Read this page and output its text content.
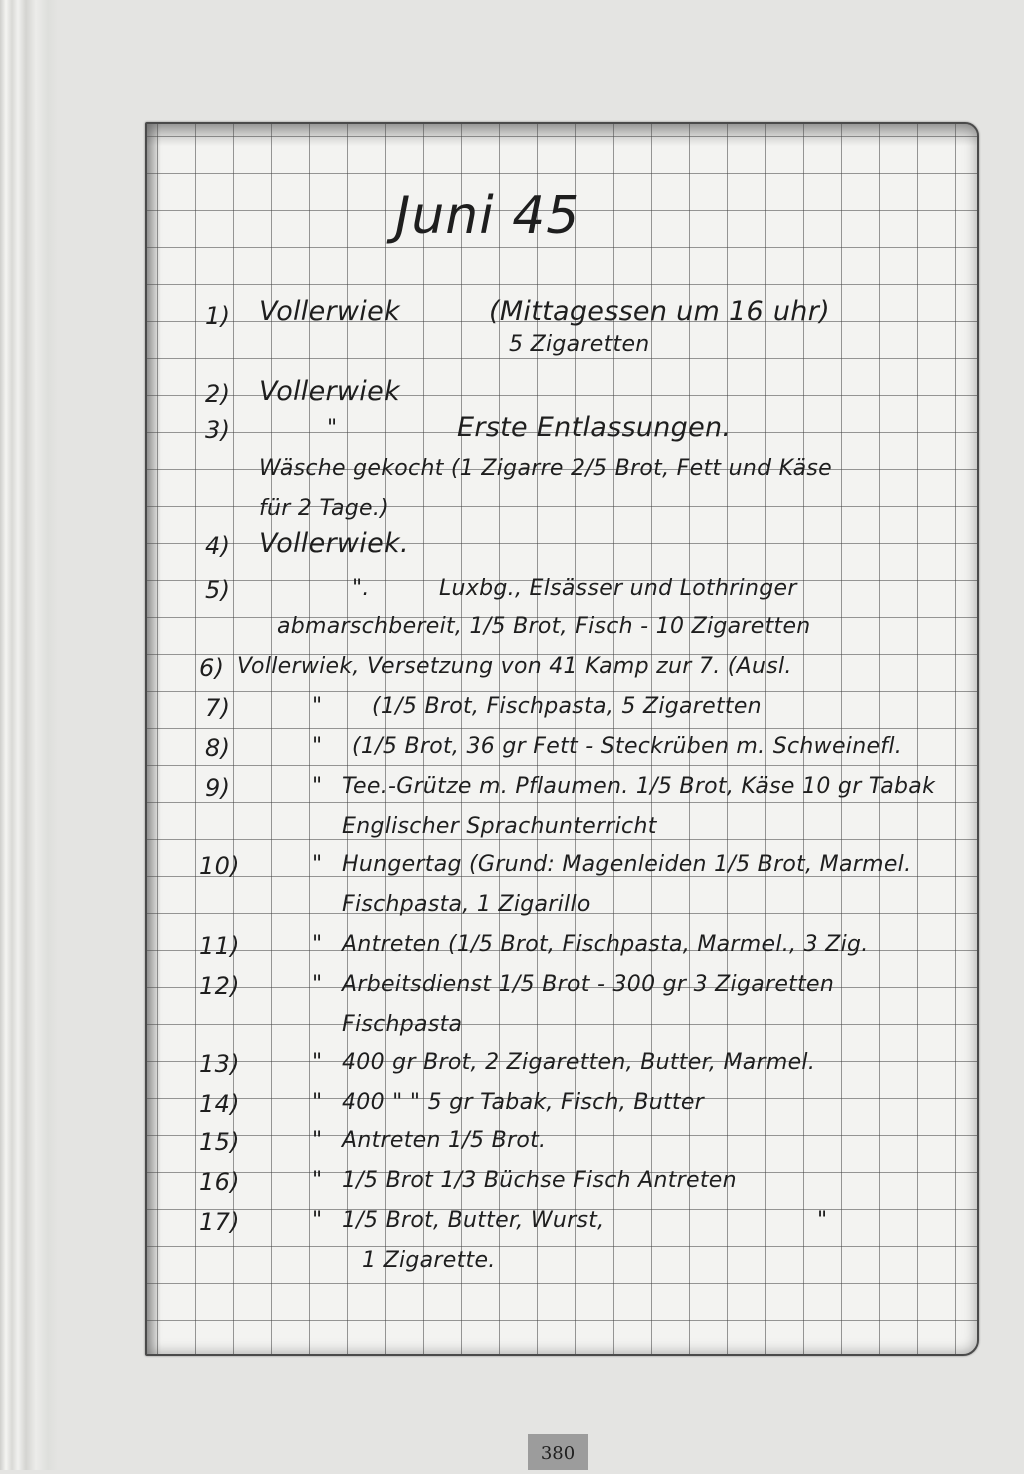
Juni 45
1) Vollerwiek	(Mittagessen um 16 uhr)
5 Zigaretten
2) Vollerwiek
3)	"	Erste Entlassungen.
Wäsche gekocht (1 Zigarre 2/5 Brot, Fett und Käse
für 2 Tage.)
4) Vollerwiek.
5)	".	Luxbg., Elsässer und Lothringer
abmarschbereit, 1/5 Brot, Fisch - 10 Zigaretten
6) Vollerwiek, Versetzung von 41 Kamp zur 7. (Ausl.
7)	" (1/5 Brot, Fischpasta, 5 Zigaretten
8)	" (1/5 Brot, 36 gr Fett - Steckrüben m. Schweinefl.
9)	" Tee.-Grütze m. Pflaumen. 1/5 Brot, Käse 10 gr Tabak
Englischer Sprachunterricht
10)	" Hungertag (Grund: Magenleiden 1/5 Brot, Marmel.
Fischpasta, 1 Zigarillo
11)	" Antreten (1/5 Brot, Fischpasta, Marmel., 3 Zig.
12)	" Arbeitsdienst 1/5 Brot - 300 gr 3 Zigaretten
Fischpasta
13)	" 400 gr Brot, 2 Zigaretten, Butter, Marmel.
14)	" 400 " " 5 gr Tabak, Fisch, Butter
15)	" Antreten 1/5 Brot.
16)	" 1/5 Brot 1/3 Büchse Fisch Antreten
17)	" 1/5 Brot, Butter, Wurst,	"
1 Zigarette.
380
